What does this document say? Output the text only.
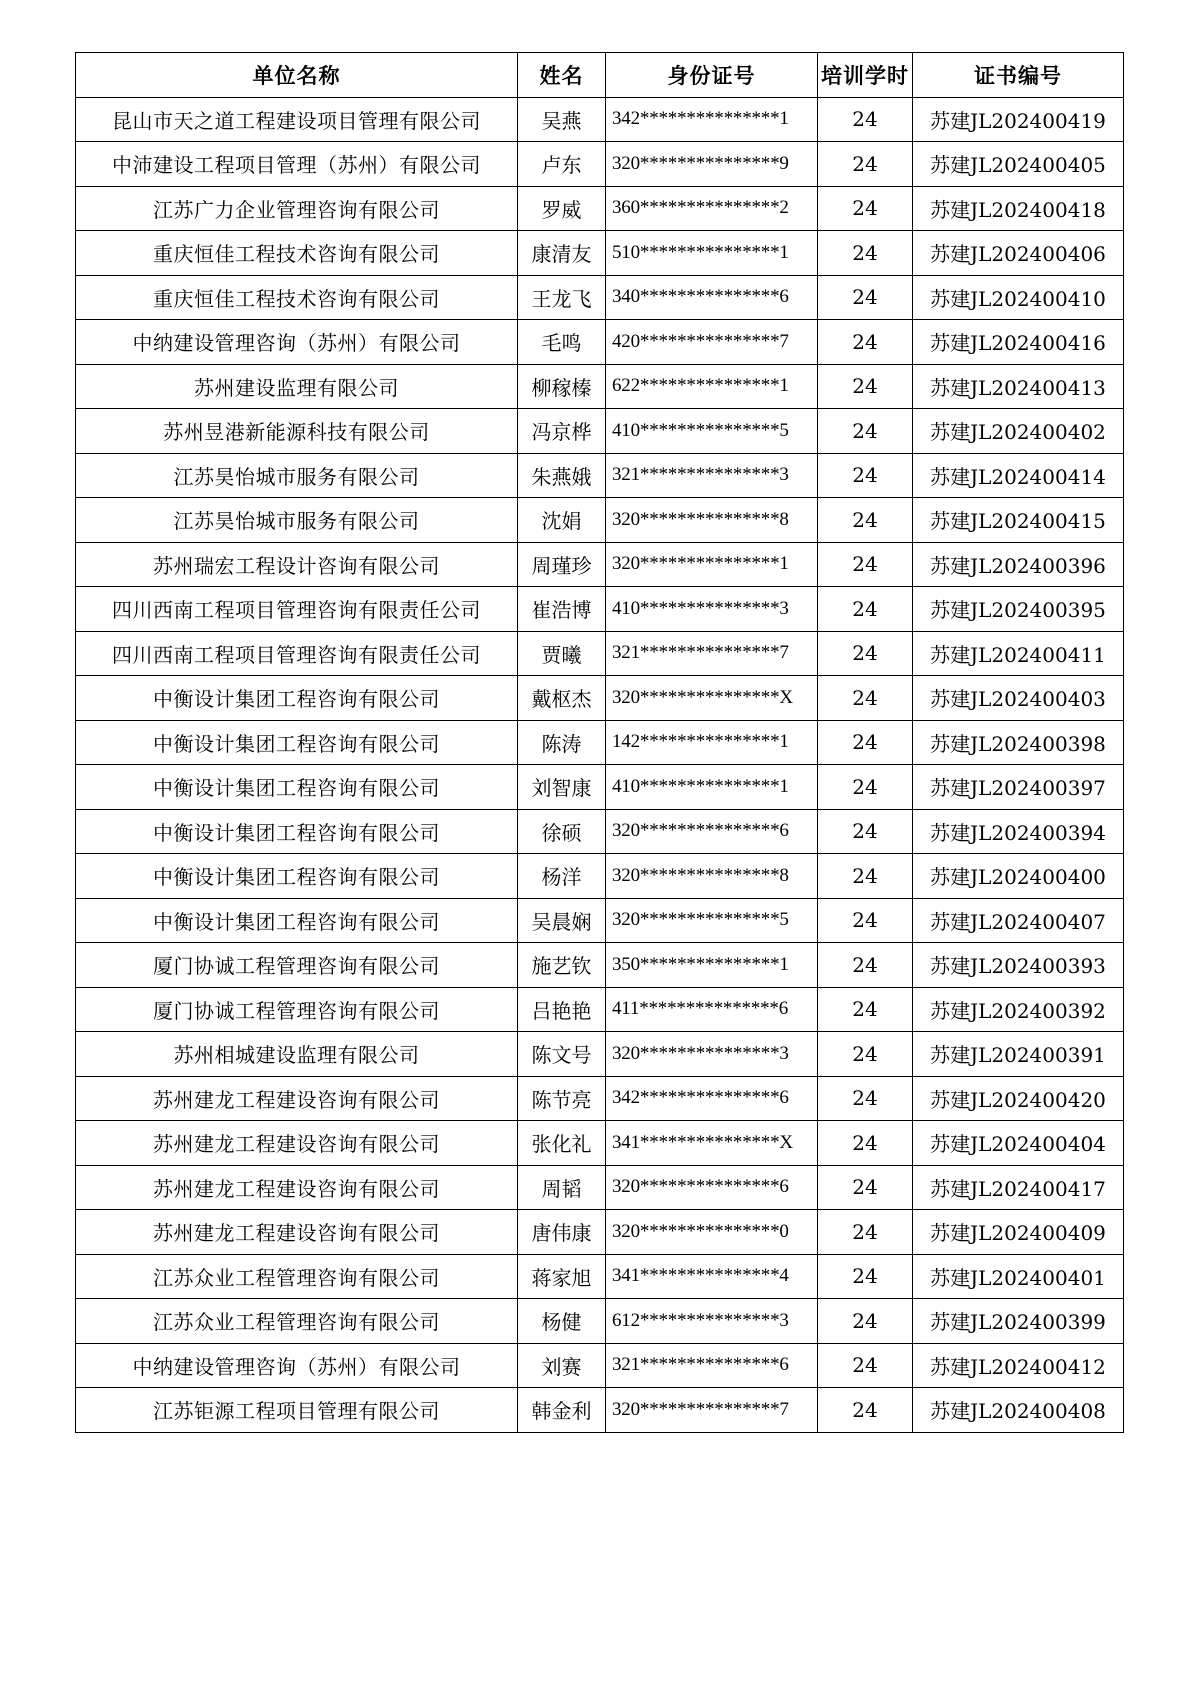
单位名称	姓名	身份证号	培训学时	证书编号
昆山市天之道工程建设项目管理有限公司	吴燕	342***************1	24	苏建JL202400419
中沛建设工程项目管理（苏州）有限公司	卢东	320***************9	24	苏建JL202400405
江苏广力企业管理咨询有限公司	罗威	360***************2	24	苏建JL202400418
重庆恒佳工程技术咨询有限公司	康清友	510***************1	24	苏建JL202400406
重庆恒佳工程技术咨询有限公司	王龙飞	340***************6	24	苏建JL202400410
中纳建设管理咨询（苏州）有限公司	毛鸣	420***************7	24	苏建JL202400416
苏州建设监理有限公司	柳稼榛	622***************1	24	苏建JL202400413
苏州昱港新能源科技有限公司	冯京桦	410***************5	24	苏建JL202400402
江苏昊怡城市服务有限公司	朱燕娥	321***************3	24	苏建JL202400414
江苏昊怡城市服务有限公司	沈娟	320***************8	24	苏建JL202400415
苏州瑞宏工程设计咨询有限公司	周瑾珍	320***************1	24	苏建JL202400396
四川西南工程项目管理咨询有限责任公司	崔浩博	410***************3	24	苏建JL202400395
四川西南工程项目管理咨询有限责任公司	贾曦	321***************7	24	苏建JL202400411
中衡设计集团工程咨询有限公司	戴枢杰	320***************X	24	苏建JL202400403
中衡设计集团工程咨询有限公司	陈涛	142***************1	24	苏建JL202400398
中衡设计集团工程咨询有限公司	刘智康	410***************1	24	苏建JL202400397
中衡设计集团工程咨询有限公司	徐硕	320***************6	24	苏建JL202400394
中衡设计集团工程咨询有限公司	杨洋	320***************8	24	苏建JL202400400
中衡设计集团工程咨询有限公司	吴晨娴	320***************5	24	苏建JL202400407
厦门协诚工程管理咨询有限公司	施艺钦	350***************1	24	苏建JL202400393
厦门协诚工程管理咨询有限公司	吕艳艳	411***************6	24	苏建JL202400392
苏州相城建设监理有限公司	陈文号	320***************3	24	苏建JL202400391
苏州建龙工程建设咨询有限公司	陈节亮	342***************6	24	苏建JL202400420
苏州建龙工程建设咨询有限公司	张化礼	341***************X	24	苏建JL202400404
苏州建龙工程建设咨询有限公司	周韬	320***************6	24	苏建JL202400417
苏州建龙工程建设咨询有限公司	唐伟康	320***************0	24	苏建JL202400409
江苏众业工程管理咨询有限公司	蒋家旭	341***************4	24	苏建JL202400401
江苏众业工程管理咨询有限公司	杨健	612***************3	24	苏建JL202400399
中纳建设管理咨询（苏州）有限公司	刘赛	321***************6	24	苏建JL202400412
江苏钜源工程项目管理有限公司	韩金利	320***************7	24	苏建JL202400408
